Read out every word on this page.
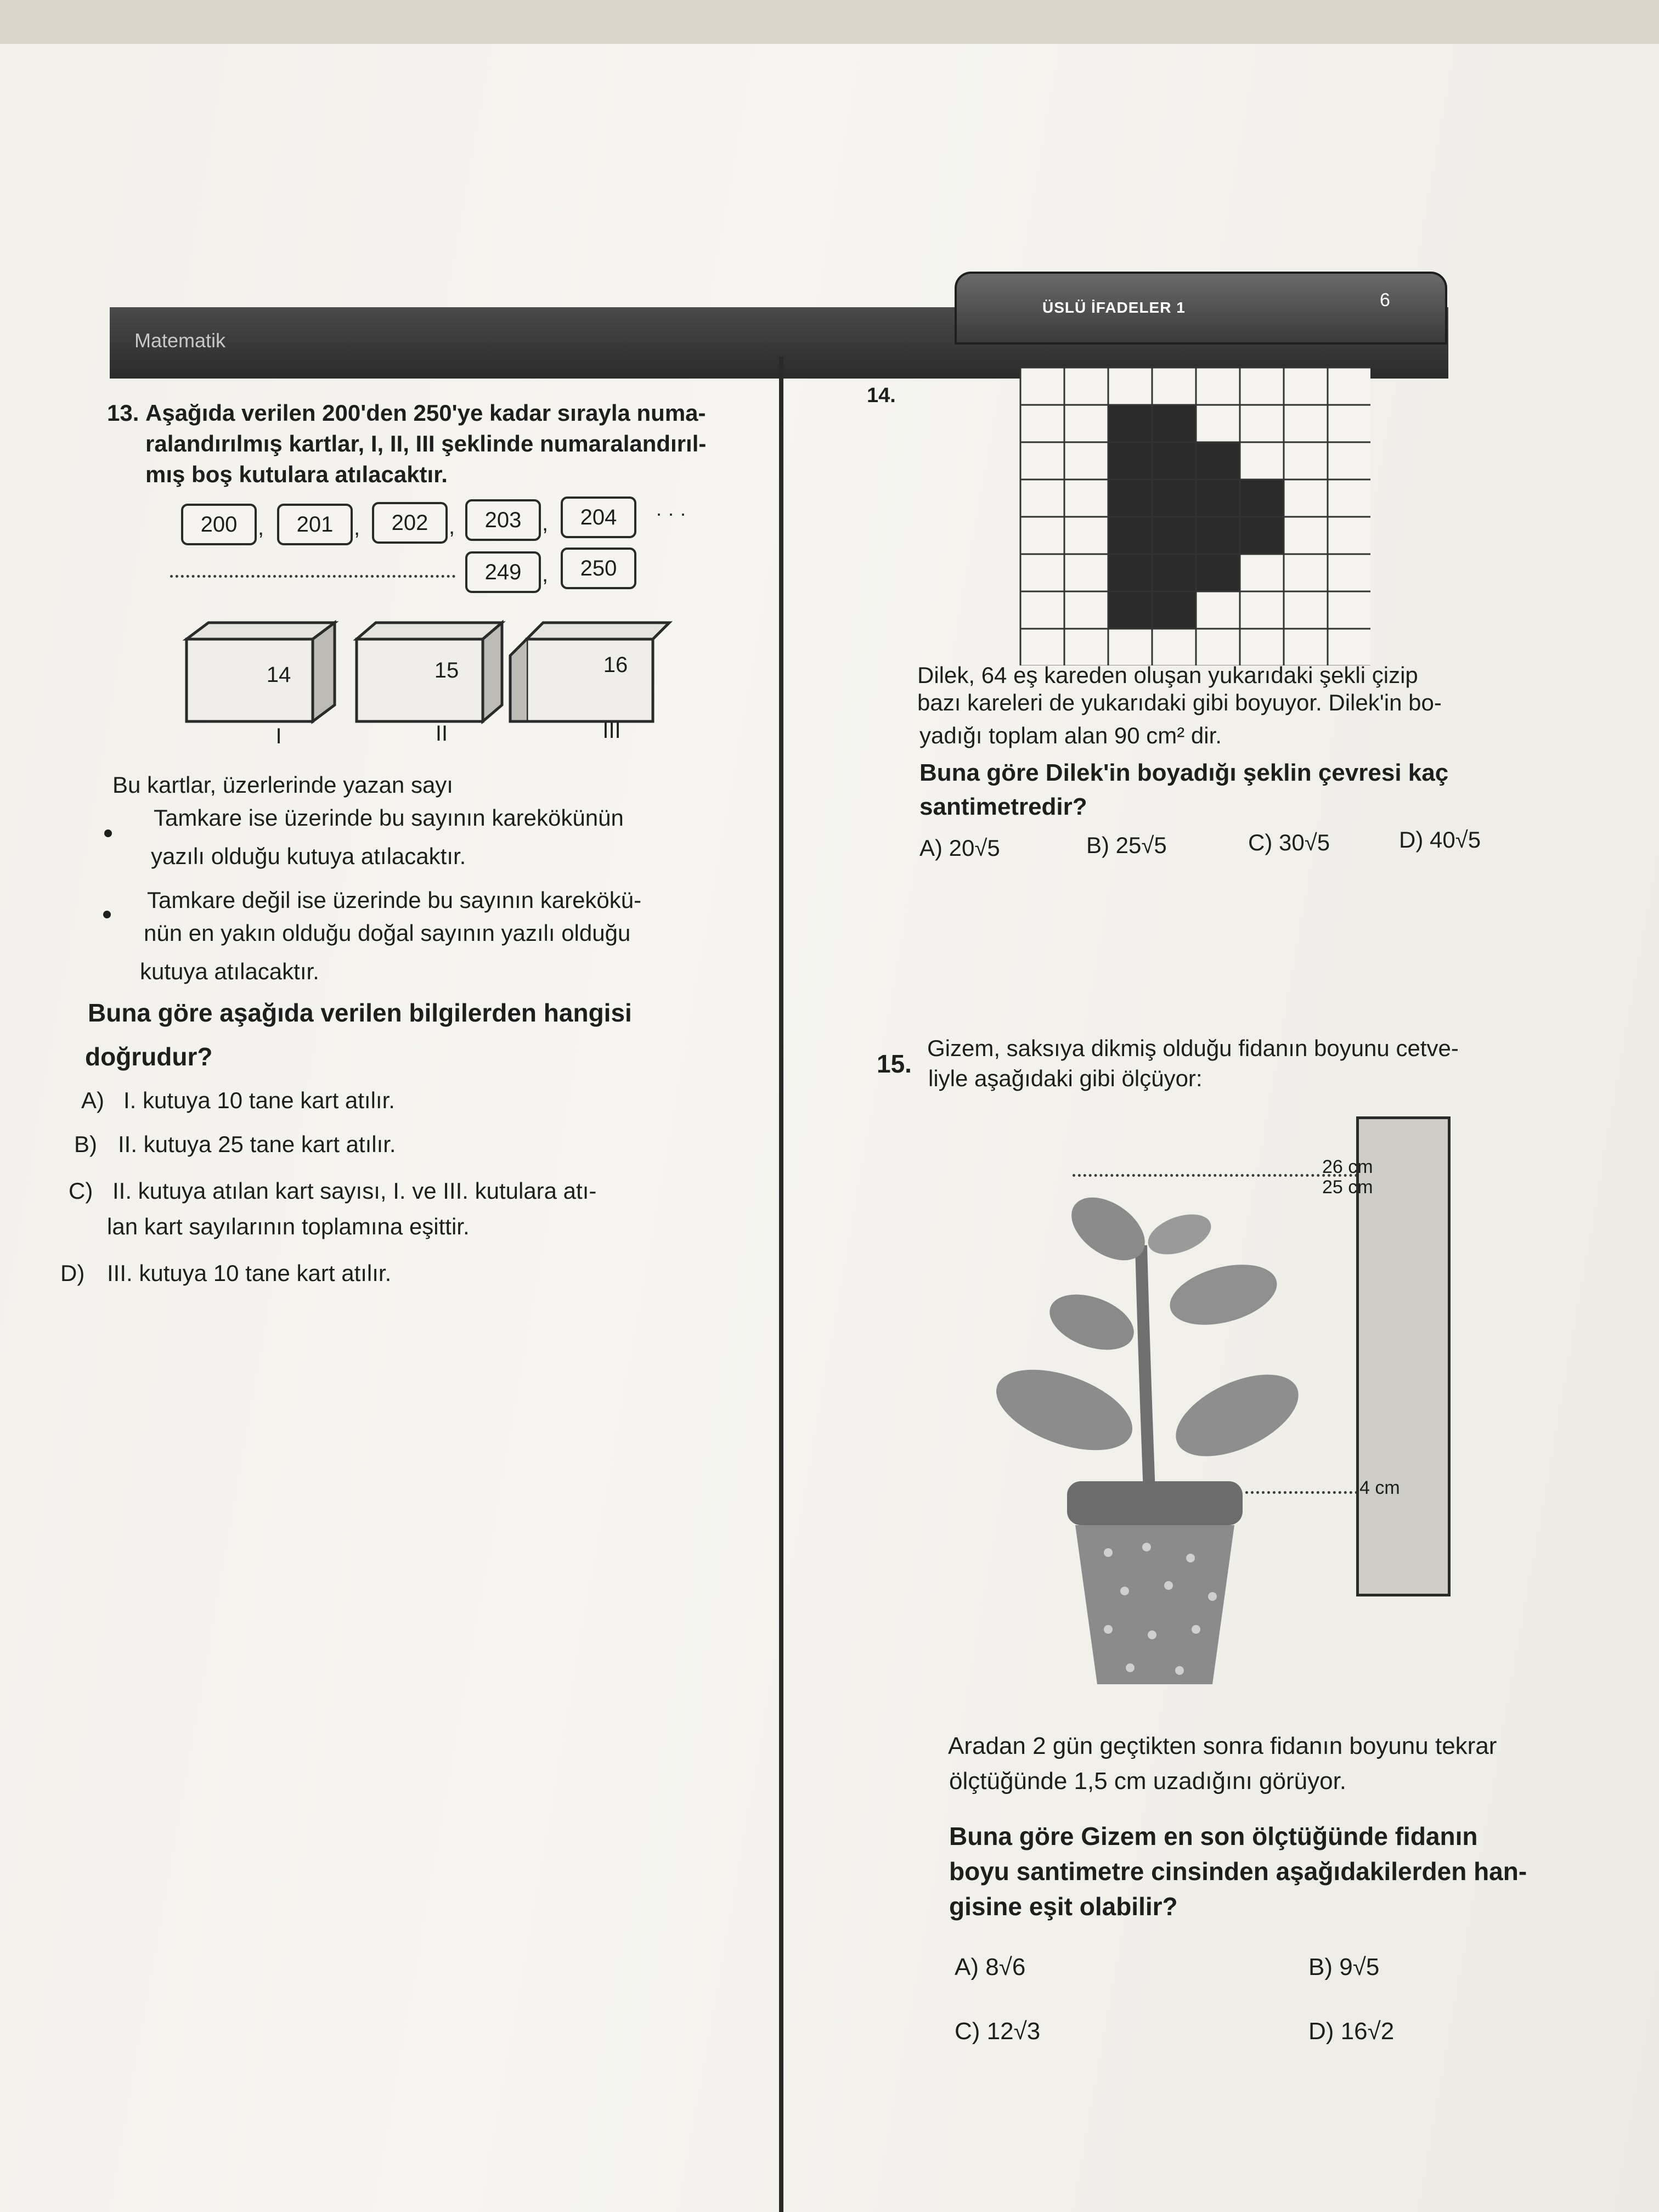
Matematik
ÜSLÜ İFADELER 1	6
13. Aşağıda verilen 200'den 250'ye kadar sırayla numa-
ralandırılmış kartlar, I, II, III şeklinde numaralandırıl-
mış boş kutulara atılacaktır.
200 ,	201 ,	202 ,	203 ,	204	· · ·
249 ,	250
14	15	16
I	II	III
Bu kartlar, üzerlerinde yazan sayı
Tamkare ise üzerinde bu sayının karekökünün
yazılı olduğu kutuya atılacaktır.
Tamkare değil ise üzerinde bu sayının karekökü-
nün en yakın olduğu doğal sayının yazılı olduğu
kutuya atılacaktır.
Buna göre aşağıda verilen bilgilerden hangisi
doğrudur?
A) I. kutuya 10 tane kart atılır.
B) II. kutuya 25 tane kart atılır.
C) II. kutuya atılan kart sayısı, I. ve III. kutulara atı-
lan kart sayılarının toplamına eşittir.
D) III. kutuya 10 tane kart atılır.
14.
Dilek, 64 eş kareden oluşan yukarıdaki şekli çizip
bazı kareleri de yukarıdaki gibi boyuyor. Dilek'in bo-
yadığı toplam alan 90 cm² dir.
Buna göre Dilek'in boyadığı şeklin çevresi kaç
santimetredir?
A) 20√5	B) 25√5	C) 30√5	D) 40√5
15.
Gizem, saksıya dikmiş olduğu fidanın boyunu cetve-
liyle aşağıdaki gibi ölçüyor:
26 cm
25 cm
4 cm
Aradan 2 gün geçtikten sonra fidanın boyunu tekrar
ölçtüğünde 1,5 cm uzadığını görüyor.
Buna göre Gizem en son ölçtüğünde fidanın
boyu santimetre cinsinden aşağıdakilerden han-
gisine eşit olabilir?
A) 8√6	B) 9√5
C) 12√3	D) 16√2
